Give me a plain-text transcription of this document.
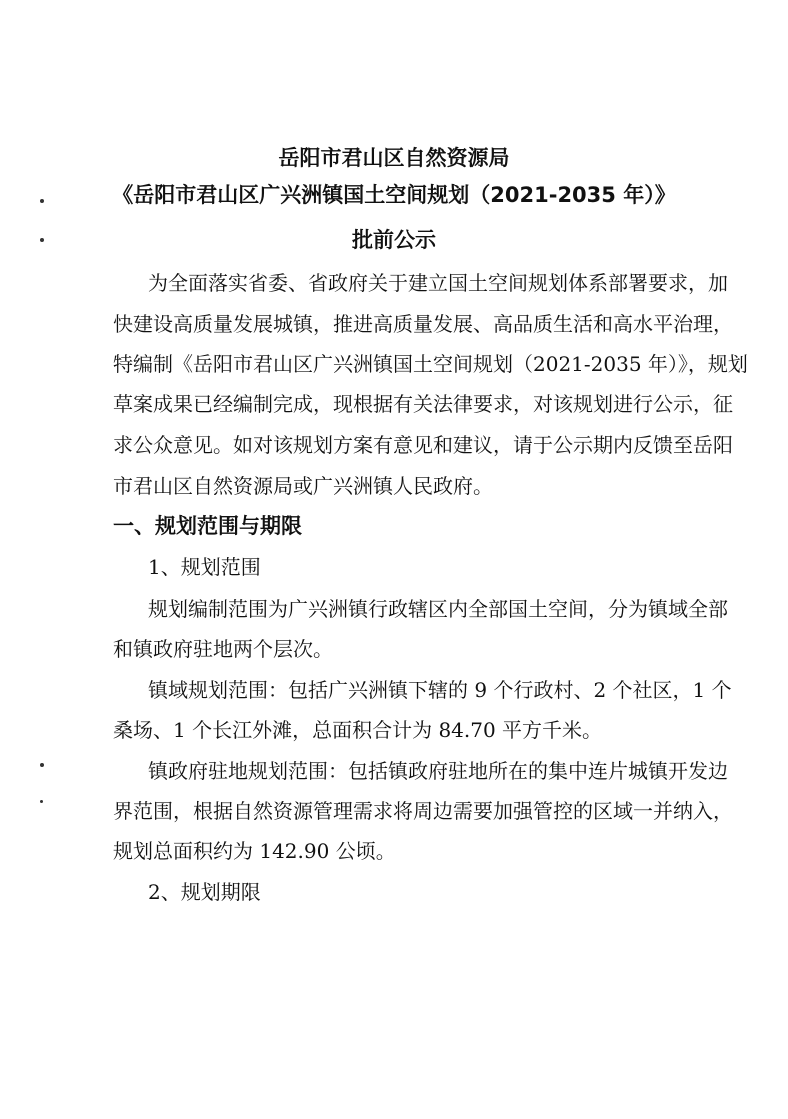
岳阳市君山区自然资源局
《岳阳市君山区广兴洲镇国土空间规划（2021-2035 年）》
批前公示
为全面落实省委、省政府关于建立国土空间规划体系部署要求，加
快建设高质量发展城镇，推进高质量发展、高品质生活和高水平治理，
特编制《岳阳市君山区广兴洲镇国土空间规划（2021-2035 年）》，规划
草案成果已经编制完成，现根据有关法律要求，对该规划进行公示，征
求公众意见。如对该规划方案有意见和建议，请于公示期内反馈至岳阳
市君山区自然资源局或广兴洲镇人民政府。
一、规划范围与期限
1、规划范围
规划编制范围为广兴洲镇行政辖区内全部国土空间，分为镇域全部
和镇政府驻地两个层次。
镇域规划范围：包括广兴洲镇下辖的 9 个行政村、2 个社区，1 个
桑场、1 个长江外滩，总面积合计为 84.70 平方千米。
镇政府驻地规划范围：包括镇政府驻地所在的集中连片城镇开发边
界范围，根据自然资源管理需求将周边需要加强管控的区域一并纳入，
规划总面积约为 142.90 公顷。
2、规划期限
